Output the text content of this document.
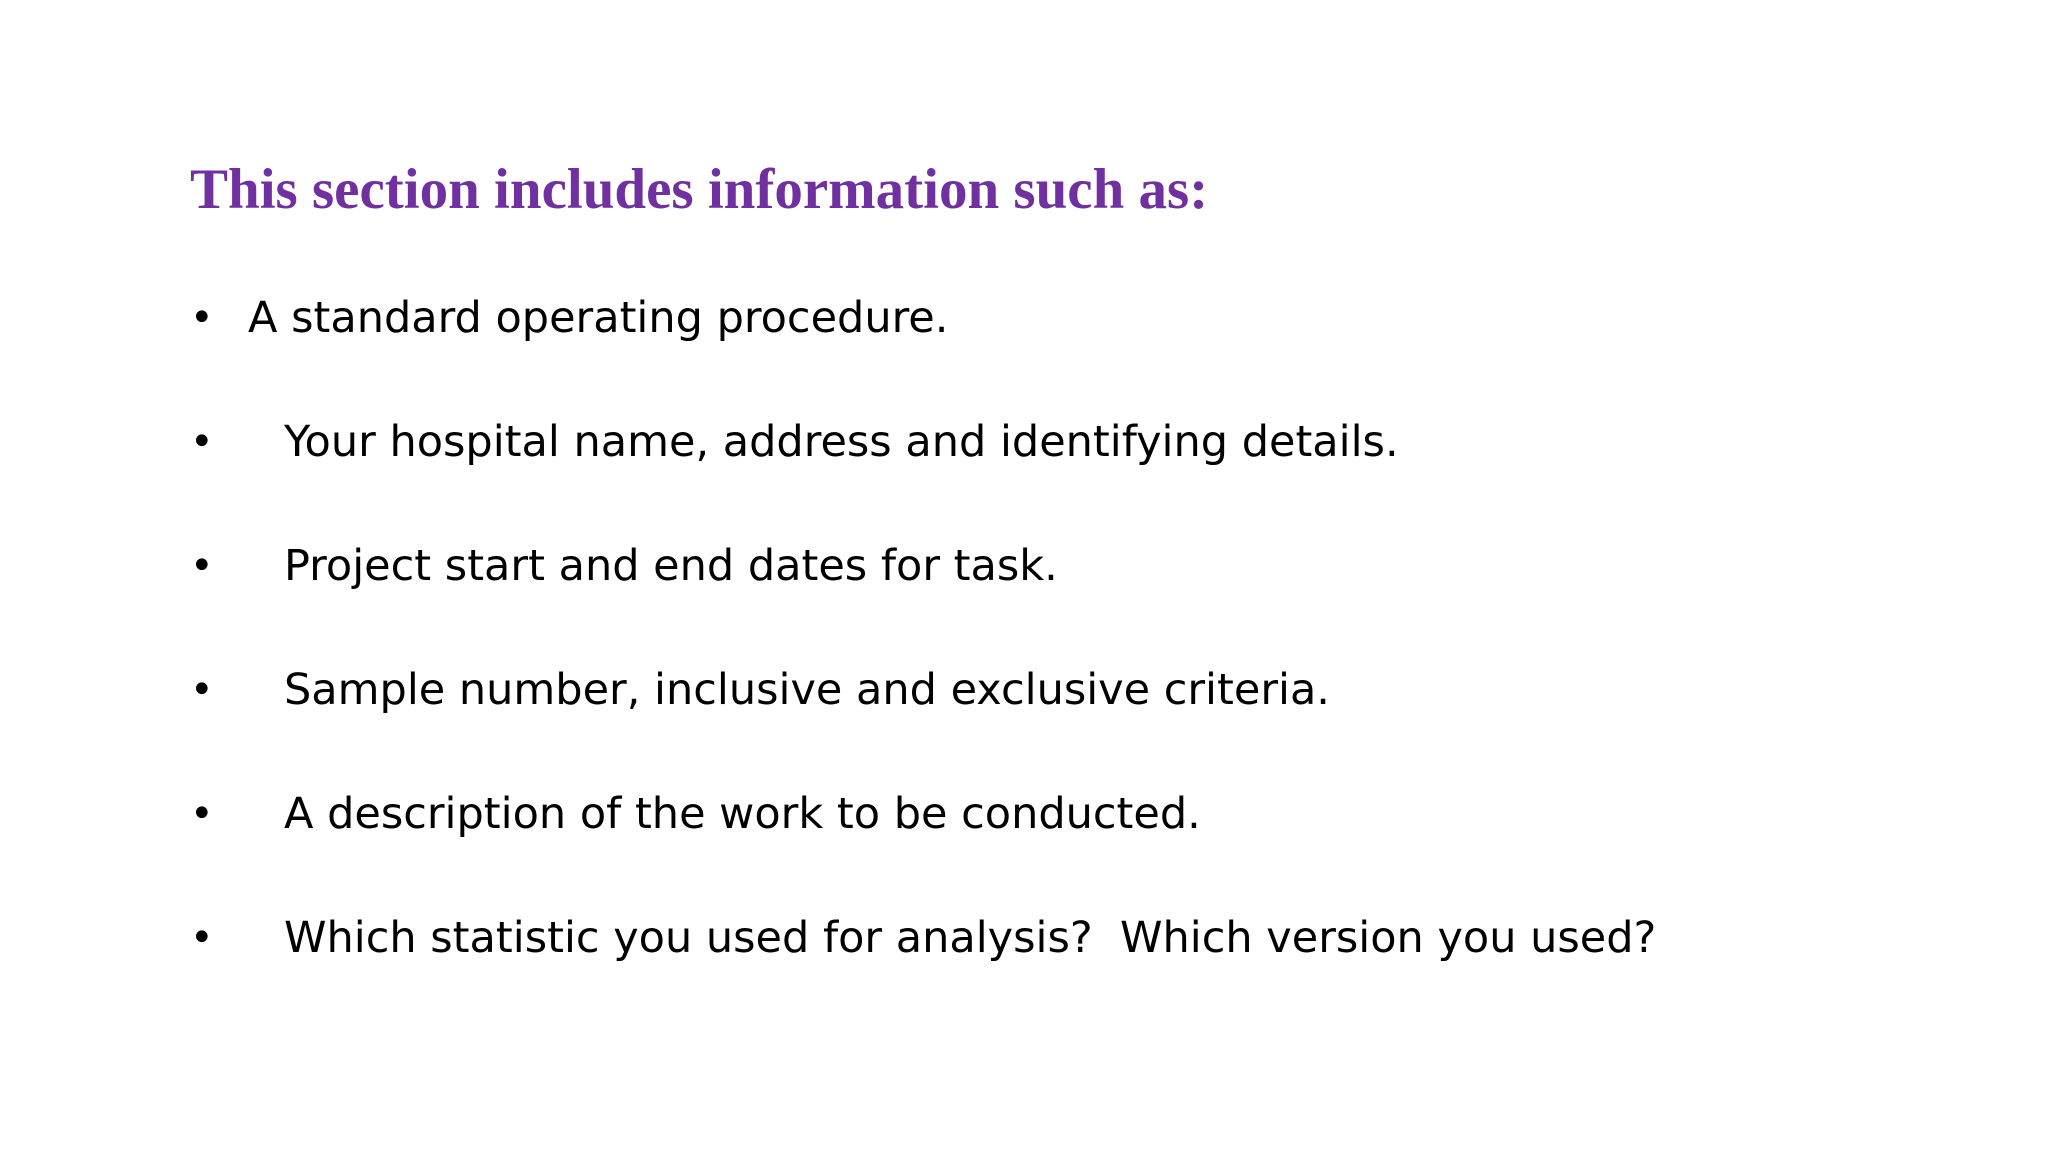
This section includes information such as:

•

A standard operating procedure.

•

Your hospital name, address and identifying details.

•

Project start and end dates for task.

•

Sample number, inclusive and exclusive criteria.

•

A description of the work to be conducted.

•

Which statistic you used for analysis?  Which version you used?
